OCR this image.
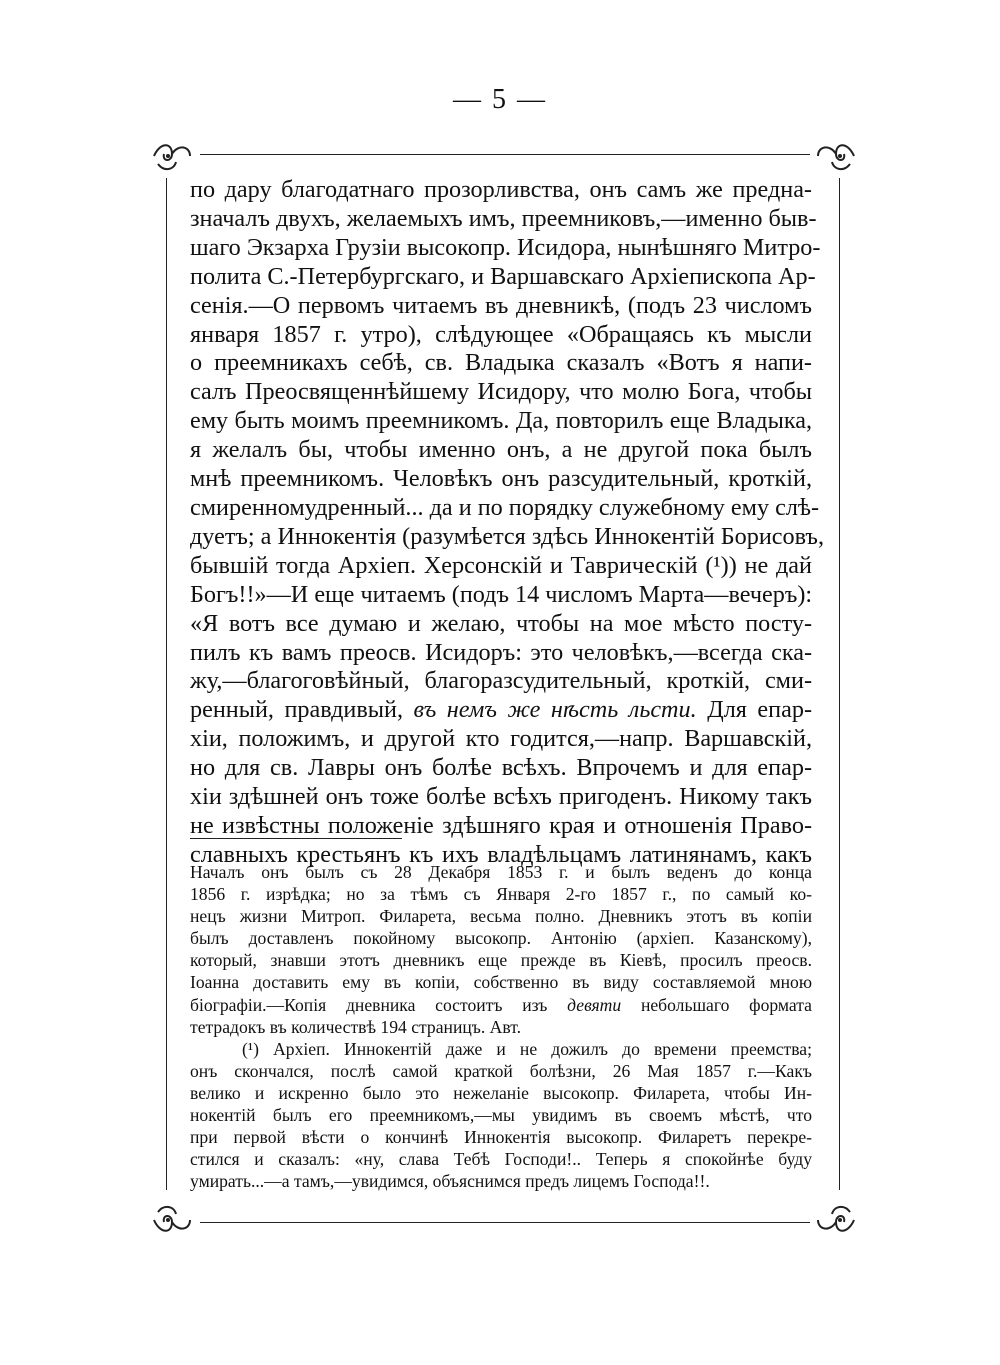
— 5 —
по дару благодатнаго прозорливства, онъ самъ же предна-
значалъ двухъ, желаемыхъ имъ, преемниковъ,—именно быв-
шаго Экзарха Грузіи высокопр. Исидора, нынѣшняго Митро-
полита С.-Петербургскаго, и Варшавскаго Архіепископа Ар-
сенія.—О первомъ читаемъ въ дневникѣ, (подъ 23 числомъ
января 1857 г. утро), слѣдующее «Обращаясь къ мысли
о преемникахъ себѣ, св. Владыка сказалъ «Вотъ я напи-
салъ Преосвященнѣйшему Исидору, что молю Бога, чтобы
ему быть моимъ преемникомъ. Да, повторилъ еще Владыка,
я желалъ бы, чтобы именно онъ, а не другой пока былъ
мнѣ преемникомъ. Человѣкъ онъ разсудительный, кроткій,
смиренномудренный... да и по порядку служебному ему слѣ-
дуетъ; а Иннокентія (разумѣется здѣсь Иннокентій Борисовъ,
бывшій тогда Архіеп. Херсонскій и Таврическій (¹)) не дай
Богъ!!»—И еще читаемъ (подъ 14 числомъ Марта—вечеръ):
«Я вотъ все думаю и желаю, чтобы на мое мѣсто посту-
пилъ къ вамъ преосв. Исидоръ: это человѣкъ,—всегда ска-
жу,—благоговѣйный, благоразсудительный, кроткій, сми-
ренный, правдивый, въ немъ же нѣсть льсти. Для епар-
хіи, положимъ, и другой кто годится,—напр. Варшавскій,
но для св. Лавры онъ болѣе всѣхъ. Впрочемъ и для епар-
хіи здѣшней онъ тоже болѣе всѣхъ пригоденъ. Никому такъ
не извѣстны положеніе здѣшняго края и отношенія Право-
славныхъ крестьянъ къ ихъ владѣльцамъ латинянамъ, какъ
Началъ онъ былъ съ 28 Декабря 1853 г. и былъ веденъ до конца
1856 г. изрѣдка; но за тѣмъ съ Января 2-го 1857 г., по самый ко-
нецъ жизни Митроп. Филарета, весьма полно. Дневникъ этотъ въ копіи
былъ доставленъ покойному высокопр. Антонію (архіеп. Казанскому),
который, знавши этотъ дневникъ еще прежде въ Кіевѣ, просилъ преосв.
Іоанна доставить ему въ копіи, собственно въ виду составляемой мною
біографіи.—Копія дневника состоитъ изъ девяти небольшаго формата
тетрадокъ въ количествѣ 194 страницъ. Авт.
(¹) Архіеп. Иннокентій даже и не дожилъ до времени преемства;
онъ скончался, послѣ самой краткой болѣзни, 26 Мая 1857 г.—Какъ
велико и искренно было это нежеланіе высокопр. Филарета, чтобы Ин-
нокентій былъ его преемникомъ,—мы увидимъ въ своемъ мѣстѣ, что
при первой вѣсти о кончинѣ Иннокентія высокопр. Филаретъ перекре-
стился и сказалъ: «ну, слава Тебѣ Господи!.. Теперь я спокойнѣе буду
умирать...—а тамъ,—увидимся, объяснимся предъ лицемъ Господа!!.
